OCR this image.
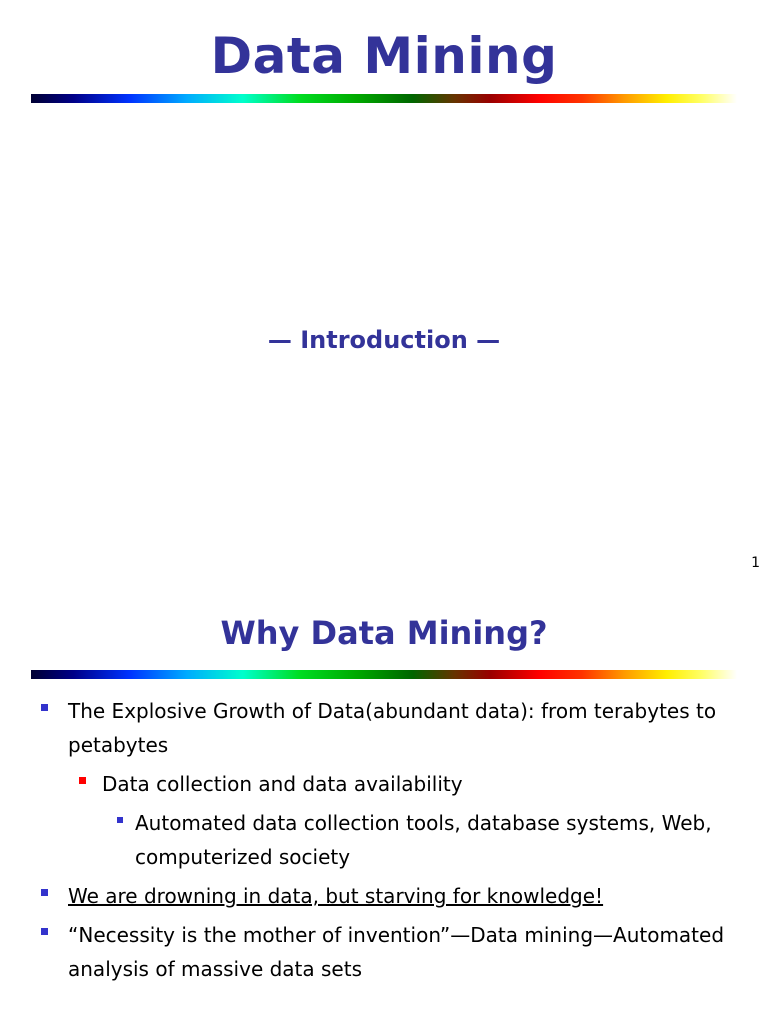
Data Mining
— Introduction —
1
Why Data Mining?
The Explosive Growth of Data(abundant data): from terabytes to petabytes
Data collection and data availability
Automated data collection tools, database systems, Web, computerized society
We are drowning in data, but starving for knowledge!
“Necessity is the mother of invention”—Data mining—Automated analysis of massive data sets
